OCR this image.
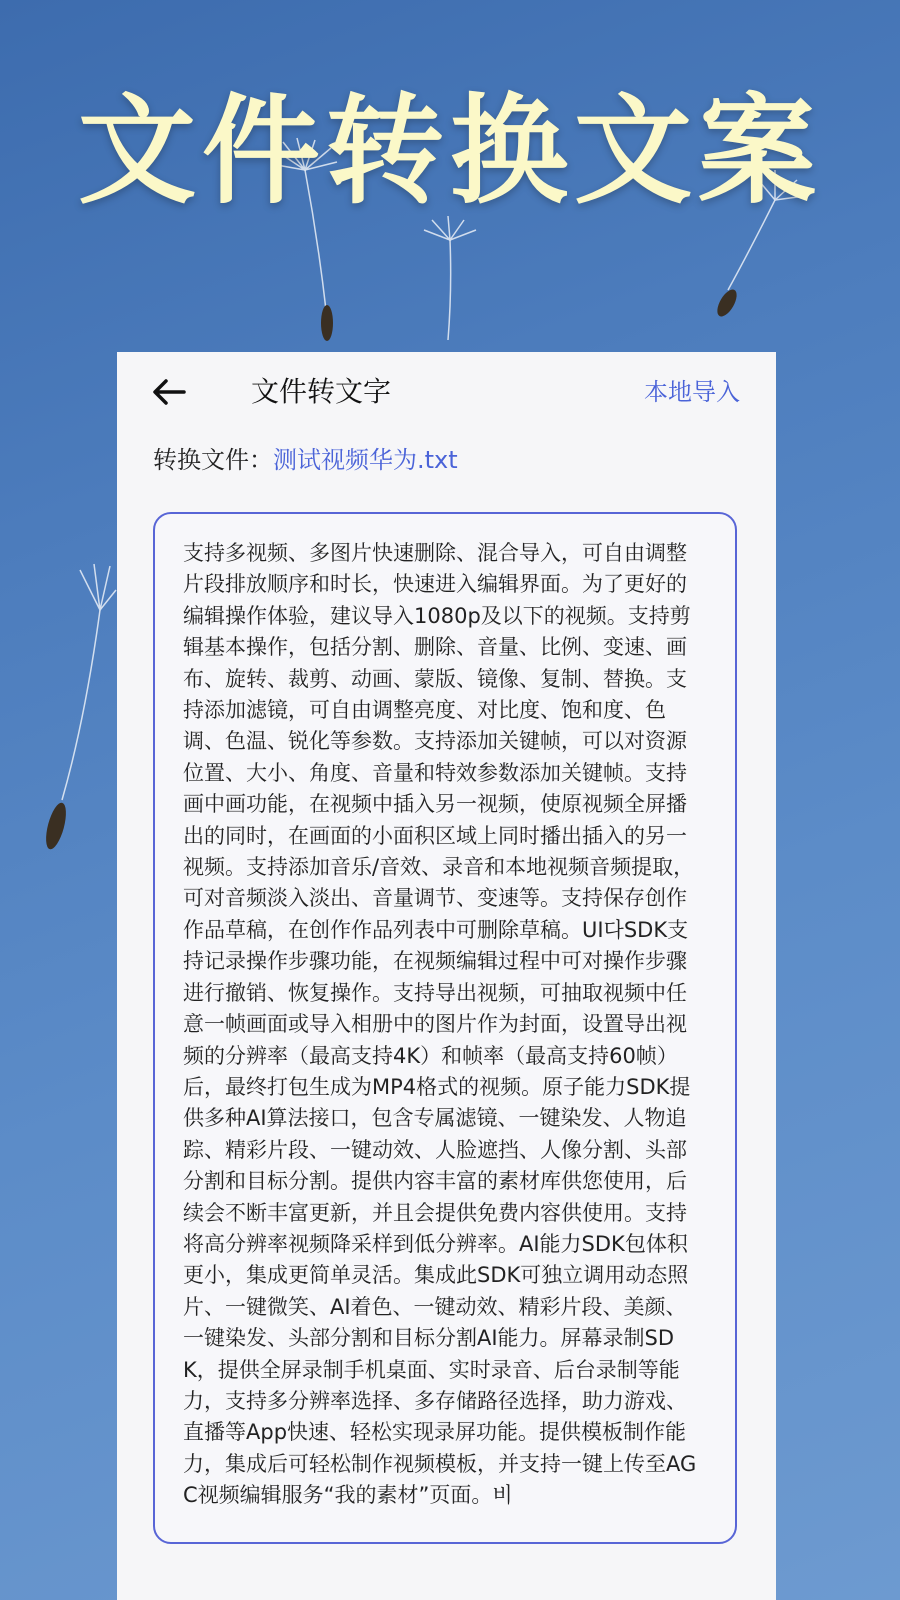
文件转换文案
文件转文字	本地导入
转换文件：测试视频华为.txt
支持多视频、多图片快速删除、混合导入，可自由调整片段排放顺序和时长，快速进入编辑界面。为了更好的编辑操作体验，建议导入1080p及以下的视频。支持剪辑基本操作，包括分割、删除、音量、比例、变速、画布、旋转、裁剪、动画、蒙版、镜像、复制、替换。支持添加滤镜，可自由调整亮度、对比度、饱和度、色调、色温、锐化等参数。支持添加关键帧，可以对资源位置、大小、角度、音量和特效参数添加关键帧。支持画中画功能，在视频中插入另一视频，使原视频全屏播出的同时，在画面的小面积区域上同时播出插入的另一视频。支持添加音乐/音效、录音和本地视频音频提取，可对音频淡入淡出、音量调节、变速等。支持保存创作作品草稿，在创作作品列表中可删除草稿。UI다SDK支持记录操作步骤功能，在视频编辑过程中可对操作步骤进行撤销、恢复操作。支持导出视频，可抽取视频中任意一帧画面或导入相册中的图片作为封面，设置导出视频的分辨率（最高支持4K）和帧率（最高支持60帧）后，最终打包生成为MP4格式的视频。原子能力SDK提供多种AI算法接口，包含专属滤镜、一键染发、人物追踪、精彩片段、一键动效、人脸遮挡、人像分割、头部分割和目标分割。提供内容丰富的素材库供您使用，后续会不断丰富更新，并且会提供免费内容供使用。支持将高分辨率视频降采样到低分辨率。AI能力SDK包体积更小，集成更简单灵活。集成此SDK可独立调用动态照片、一键微笑、AI着色、一键动效、精彩片段、美颜、一键染发、头部分割和目标分割AI能力。屏幕录制SDK，提供全屏录制手机桌面、实时录音、后台录制等能力，支持多分辨率选择、多存储路径选择，助力游戏、直播等App快速、轻松实现录屏功能。提供模板制作能力，集成后可轻松制作视频模板，并支持一键上传至AGC视频编辑服务“我的素材”页面。비
